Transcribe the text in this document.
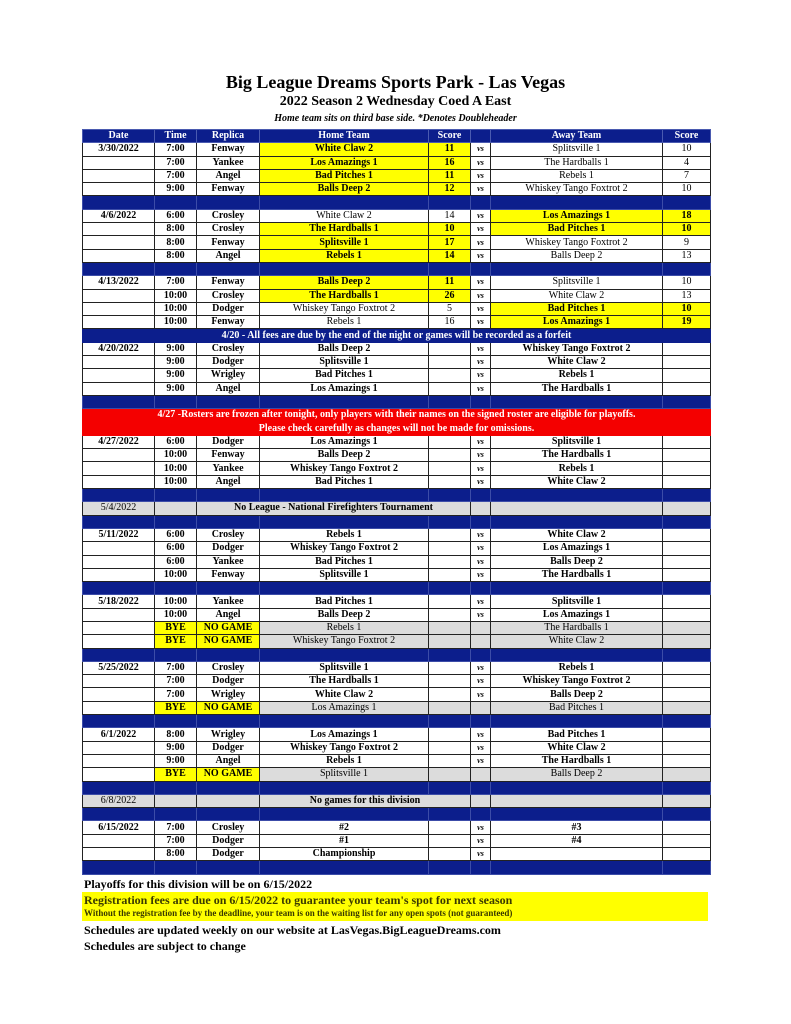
Big League Dreams Sports Park - Las Vegas
2022 Season 2 Wednesday Coed A East
Home team sits on third base side. *Denotes Doubleheader
Date	Time	Replica	Home Team	Score		Away Team	Score
3/30/2022	7:00	Fenway	White Claw 2	11	vs	Splitsville 1	10
	7:00	Yankee	Los Amazings 1	16	vs	The Hardballs 1	4
	7:00	Angel	Bad Pitches 1	11	vs	Rebels 1	7
	9:00	Fenway	Balls Deep 2	12	vs	Whiskey Tango Foxtrot 2	10

4/6/2022	6:00	Crosley	White Claw 2	14	vs	Los Amazings 1	18
	8:00	Crosley	The Hardballs 1	10	vs	Bad Pitches 1	10
	8:00	Fenway	Splitsville 1	17	vs	Whiskey Tango Foxtrot 2	9
	8:00	Angel	Rebels 1	14	vs	Balls Deep 2	13

4/13/2022	7:00	Fenway	Balls Deep 2	11	vs	Splitsville 1	10
	10:00	Crosley	The Hardballs 1	26	vs	White Claw 2	13
	10:00	Dodger	Whiskey Tango Foxtrot 2	5	vs	Bad Pitches 1	10
	10:00	Fenway	Rebels 1	16	vs	Los Amazings 1	19
4/20 - All fees are due by the end of the night or games will be recorded as a forfeit							
4/20/2022	9:00	Crosley	Balls Deep 2		vs	Whiskey Tango Foxtrot 2	
	9:00	Dodger	Splitsville 1		vs	White Claw 2	
	9:00	Wrigley	Bad Pitches 1		vs	Rebels 1	
	9:00	Angel	Los Amazings 1		vs	The Hardballs 1	

4/27 -Rosters are frozen after tonight, only players with their names on the signed roster are eligible for playoffs.							
Please check carefully as changes will not be made for omissions.							
4/27/2022	6:00	Dodger	Los Amazings 1		vs	Splitsville 1	
	10:00	Fenway	Balls Deep 2		vs	The Hardballs 1	
	10:00	Yankee	Whiskey Tango Foxtrot 2		vs	Rebels 1	
	10:00	Angel	Bad Pitches 1		vs	White Claw 2	

5/4/2022		No League - National Firefighters Tournament					

5/11/2022	6:00	Crosley	Rebels 1		vs	White Claw 2	
	6:00	Dodger	Whiskey Tango Foxtrot 2		vs	Los Amazings 1	
	6:00	Yankee	Bad Pitches 1		vs	Balls Deep 2	
	10:00	Fenway	Splitsville 1		vs	The Hardballs 1	

5/18/2022	10:00	Yankee	Bad Pitches 1		vs	Splitsville 1	
	10:00	Angel	Balls Deep 2		vs	Los Amazings 1	
	BYE	NO GAME	Rebels 1			The Hardballs 1	
	BYE	NO GAME	Whiskey Tango Foxtrot 2			White Claw 2	

5/25/2022	7:00	Crosley	Splitsville 1		vs	Rebels 1	
	7:00	Dodger	The Hardballs 1		vs	Whiskey Tango Foxtrot 2	
	7:00	Wrigley	White Claw 2		vs	Balls Deep 2	
	BYE	NO GAME	Los Amazings 1			Bad Pitches 1	

6/1/2022	8:00	Wrigley	Los Amazings 1		vs	Bad Pitches 1	
	9:00	Dodger	Whiskey Tango Foxtrot 2		vs	White Claw 2	
	9:00	Angel	Rebels 1		vs	The Hardballs 1	
	BYE	NO GAME	Splitsville 1			Balls Deep 2	

6/8/2022			No games for this division				

6/15/2022	7:00	Crosley	#2		vs	#3	
	7:00	Dodger	#1		vs	#4	
	8:00	Dodger	Championship		vs		

Playoffs for this division will be on 6/15/2022
Registration fees are due on 6/15/2022 to guarantee your team's spot for next season
Without the registration fee by the deadline, your team is on the waiting list for any open spots (not guaranteed)
Schedules are updated weekly on our website at LasVegas.BigLeagueDreams.com
Schedules are subject to change
